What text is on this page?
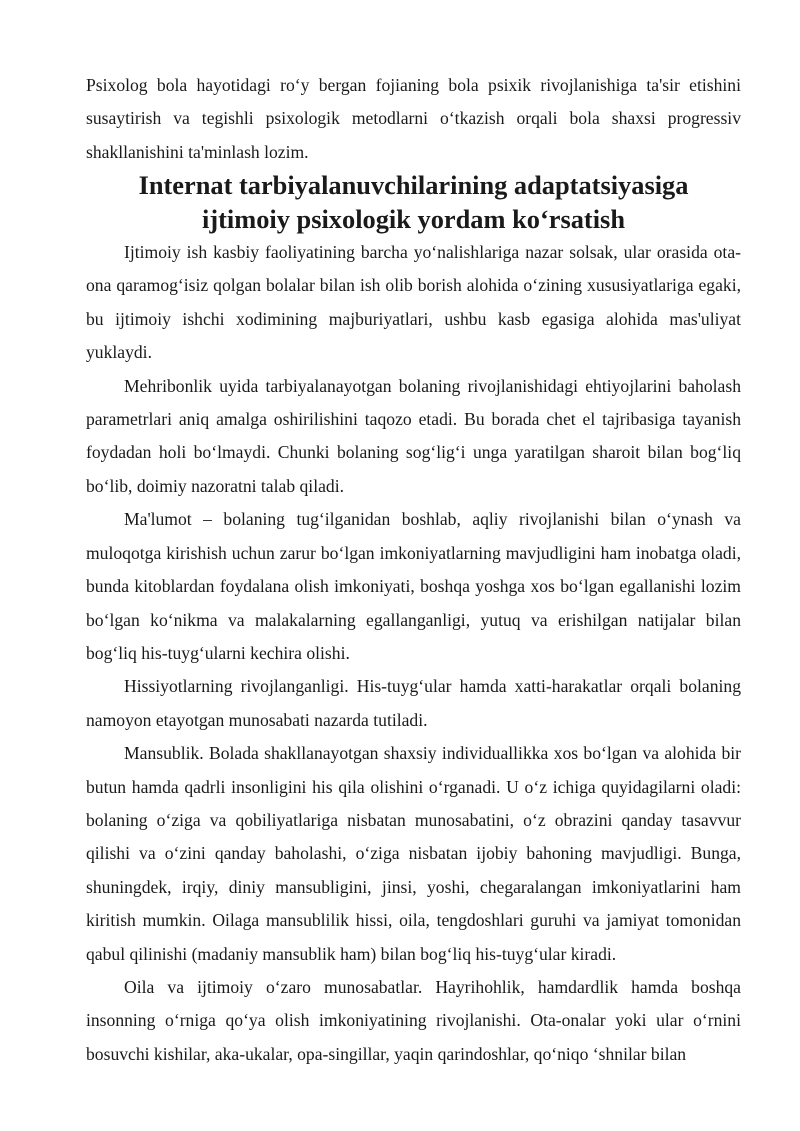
Psixolog bola hayotidagi ro‘y bergan fojianing bola psixik rivojlanishiga ta'sir etishini susaytirish va tegishli psixologik metodlarni o‘tkazish orqali bola shaxsi progressiv shakllanishini ta'minlash lozim.

Internat tarbiyalanuvchilarining adaptatsiyasiga ijtimoiy psixologik yordam ko‘rsatish

Ijtimoiy ish kasbiy faoliyatining barcha yo‘nalishlariga nazar solsak, ular orasida ota-ona qaramog‘isiz qolgan bolalar bilan ish olib borish alohida o‘zining xususiyatlariga egaki, bu ijtimoiy ishchi xodimining majburiyatlari, ushbu kasb egasiga alohida mas'uliyat yuklaydi.

Mehribonlik uyida tarbiyalanayotgan bolaning rivojlanishidagi ehtiyojlarini baholash parametrlari aniq amalga oshirilishini taqozo etadi. Bu borada chet el tajribasiga tayanish foydadan holi bo‘lmaydi. Chunki bolaning sog‘lig‘i unga yaratilgan sharoit bilan bog‘liq bo‘lib, doimiy nazoratni talab qiladi.

Ma'lumot – bolaning tug‘ilganidan boshlab, aqliy rivojlanishi bilan o‘ynash va muloqotga kirishish uchun zarur bo‘lgan imkoniyatlarning mavjudligini ham inobatga oladi, bunda kitoblardan foydalana olish imkoniyati, boshqa yoshga xos bo‘lgan egallanishi lozim bo‘lgan ko‘nikma va malakalarning egallanganligi, yutuq va erishilgan natijalar bilan bog‘liq his-tuyg‘ularni kechira olishi.

Hissiyotlarning rivojlanganligi. His-tuyg‘ular hamda xatti-harakatlar orqali bolaning namoyon etayotgan munosabati nazarda tutiladi.

Mansublik. Bolada shakllanayotgan shaxsiy individuallikka xos bo‘lgan va alohida bir butun hamda qadrli insonligini his qila olishini o‘rganadi. U o‘z ichiga quyidagilarni oladi: bolaning o‘ziga va qobiliyatlariga nisbatan munosabatini, o‘z obrazini qanday tasavvur qilishi va o‘zini qanday baholashi, o‘ziga nisbatan ijobiy bahoning mavjudligi. Bunga, shuningdek, irqiy, diniy mansubligini, jinsi, yoshi, chegaralangan imkoniyatlarini ham kiritish mumkin. Oilaga mansublilik hissi, oila, tengdoshlari guruhi va jamiyat tomonidan qabul qilinishi (madaniy mansublik ham) bilan bog‘liq his-tuyg‘ular kiradi.

Oila va ijtimoiy o‘zaro munosabatlar. Hayrihohlik, hamdardlik hamda boshqa insonning o‘rniga qo‘ya olish imkoniyatining rivojlanishi. Ota-onalar yoki ular o‘rnini bosuvchi kishilar, aka-ukalar, opa-singillar, yaqin qarindoshlar, qo‘niqo ‘shnilar bilan
